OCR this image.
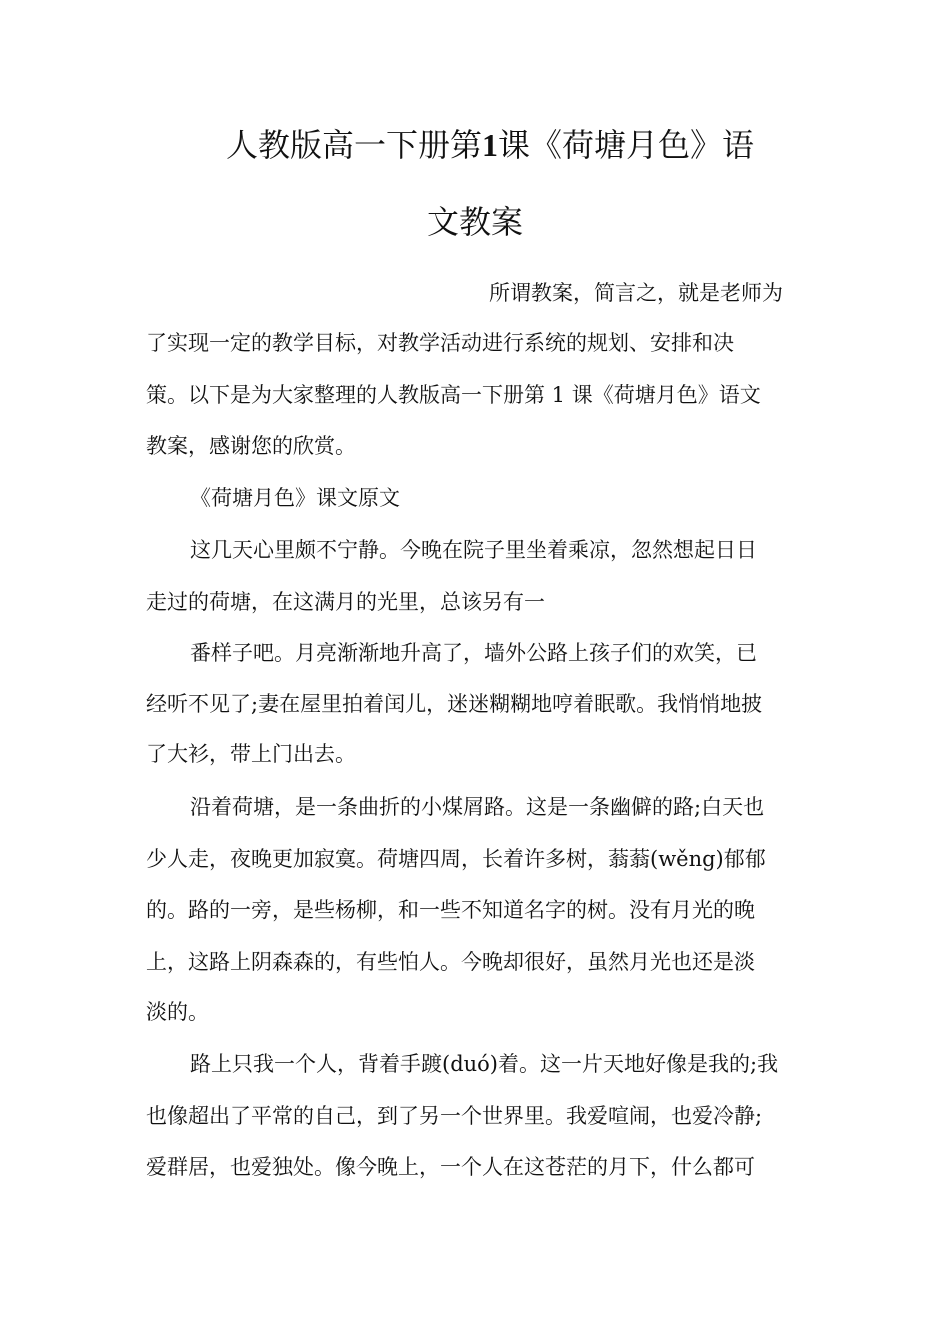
人教版高一下册第1课《荷塘月色》语
文教案
所谓教案，简言之，就是老师为
了实现一定的教学目标，对教学活动进行系统的规划、安排和决
策。以下是为大家整理的人教版高一下册第 1 课《荷塘月色》语文
教案，感谢您的欣赏。
《荷塘月色》课文原文
这几天心里颇不宁静。今晚在院子里坐着乘凉，忽然想起日日
走过的荷塘，在这满月的光里，总该另有一
番样子吧。月亮渐渐地升高了，墙外公路上孩子们的欢笑，已
经听不见了;妻在屋里拍着闰儿，迷迷糊糊地哼着眠歌。我悄悄地披
了大衫，带上门出去。
沿着荷塘，是一条曲折的小煤屑路。这是一条幽僻的路;白天也
少人走，夜晚更加寂寞。荷塘四周，长着许多树，蓊蓊(wěng)郁郁
的。路的一旁，是些杨柳，和一些不知道名字的树。没有月光的晚
上，这路上阴森森的，有些怕人。今晚却很好，虽然月光也还是淡
淡的。
路上只我一个人，背着手踱(duó)着。这一片天地好像是我的;我
也像超出了平常的自己，到了另一个世界里。我爱喧闹，也爱冷静;
爱群居，也爱独处。像今晚上，一个人在这苍茫的月下，什么都可
